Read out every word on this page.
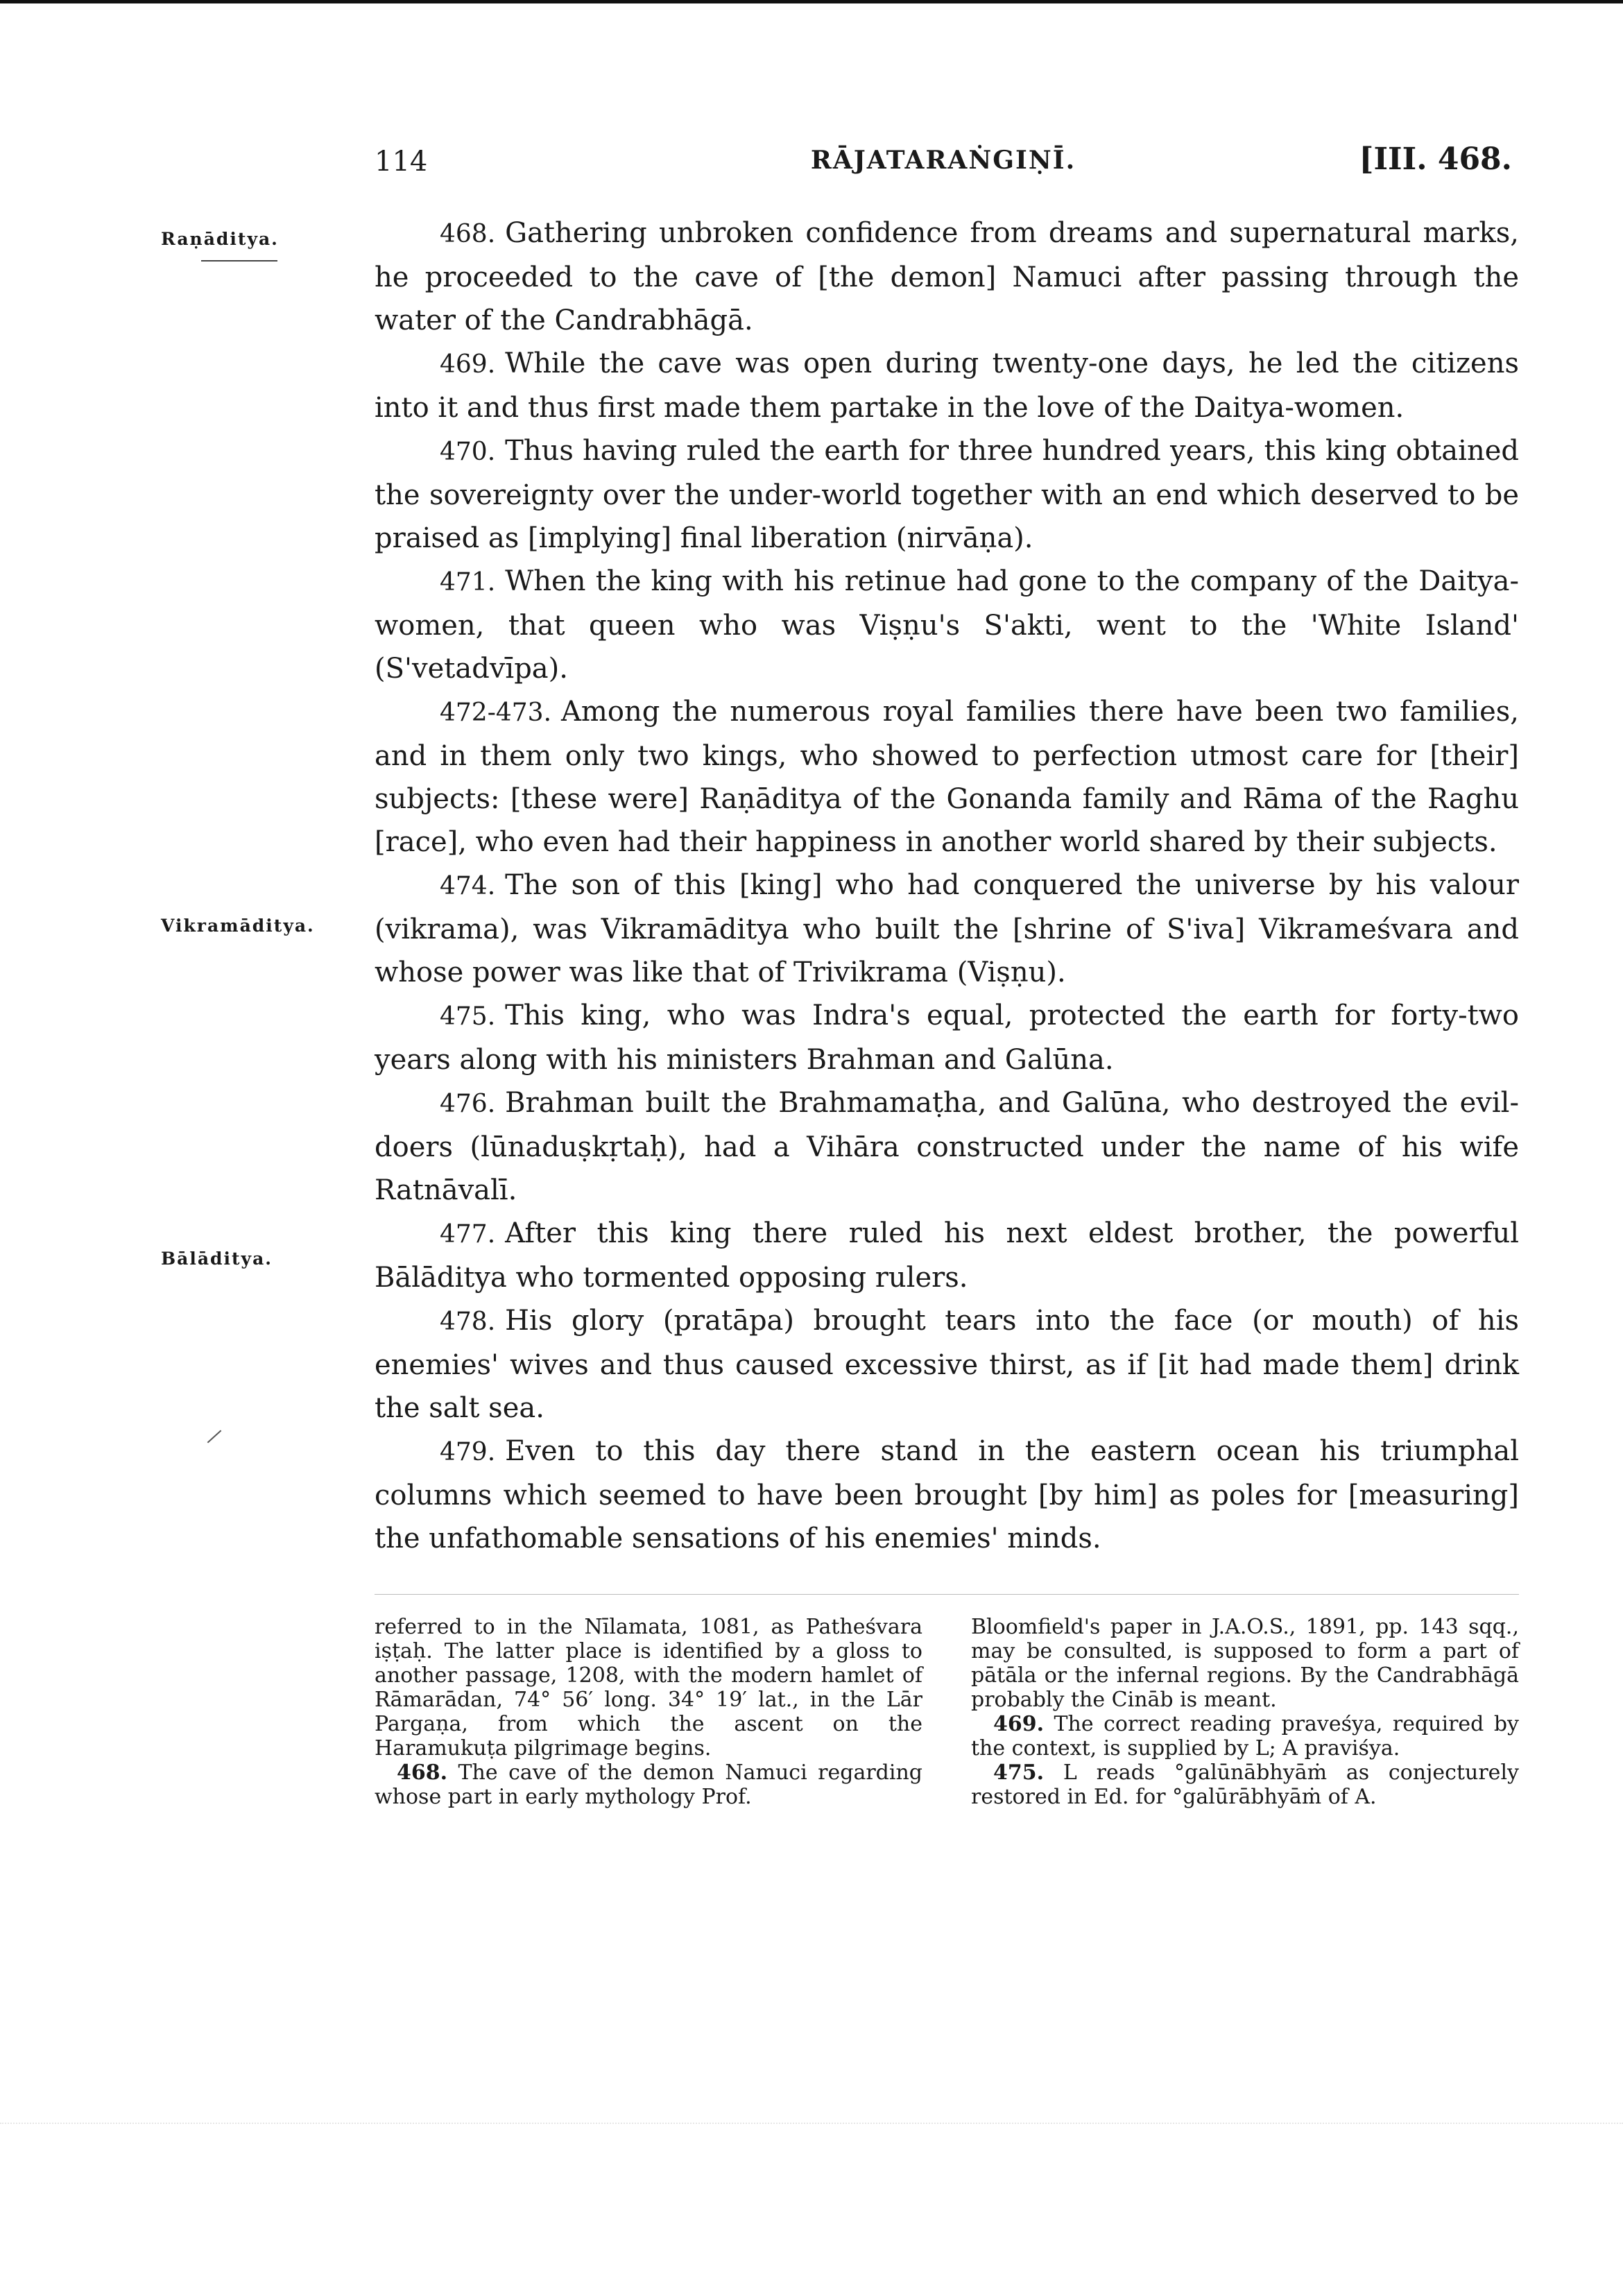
114	RĀJATARAṄGIṆĪ.	[III. 468.
Raṇāditya.
Vikramāditya.
Bālāditya.

468. Gathering unbroken confidence from dreams and supernatural marks, he proceeded to the cave of [the demon] Namuci after passing through the water of the Candrabhāgā.

469. While the cave was open during twenty-one days, he led the citizens into it and thus first made them partake in the love of the Daitya-women.

470. Thus having ruled the earth for three hundred years, this king obtained the sovereignty over the under-world together with an end which deserved to be praised as [implying] final liberation (nirvāṇa).

471. When the king with his retinue had gone to the company of the Daitya-women, that queen who was Viṣṇu's S'akti, went to the 'White Island' (S'vetadvīpa).

472-473. Among the numerous royal families there have been two families, and in them only two kings, who showed to perfection utmost care for [their] subjects: [these were] Raṇāditya of the Gonanda family and Rāma of the Raghu [race], who even had their happiness in another world shared by their subjects.

474. The son of this [king] who had conquered the universe by his valour (vikrama), was Vikramāditya who built the [shrine of S'iva] Vikrameśvara and whose power was like that of Trivikrama (Viṣṇu).

475. This king, who was Indra's equal, protected the earth for forty-two years along with his ministers Brahman and Galūna.

476. Brahman built the Brahmamaṭha, and Galūna, who destroyed the evil-doers (lūnaduṣkṛtaḥ), had a Vihāra constructed under the name of his wife Ratnāvalī.

477. After this king there ruled his next eldest brother, the powerful Bālāditya who tormented opposing rulers.

478. His glory (pratāpa) brought tears into the face (or mouth) of his enemies' wives and thus caused excessive thirst, as if [it had made them] drink the salt sea.

479. Even to this day there stand in the eastern ocean his triumphal columns which seemed to have been brought [by him] as poles for [measuring] the unfathomable sensations of his enemies' minds.

referred to in the Nīlamata, 1081, as Patheśvara iṣṭaḥ. The latter place is identified by a gloss to another passage, 1208, with the modern hamlet of Rāmarādan, 74° 56′ long. 34° 19′ lat., in the Lār Pargaṇa, from which the ascent on the Haramukuṭa pilgrimage begins.

468. The cave of the demon Namuci regarding whose part in early mythology Prof.

Bloomfield's paper in J.A.O.S., 1891, pp. 143 sqq., may be consulted, is supposed to form a part of pātāla or the infernal regions. By the Candrabhāgā probably the Cināb is meant.

469. The correct reading praveśya, required by the context, is supplied by L; A praviśya.

475. L reads °galūnābhyāṁ as conjecturely restored in Ed. for °galūrābhyāṁ of A.
